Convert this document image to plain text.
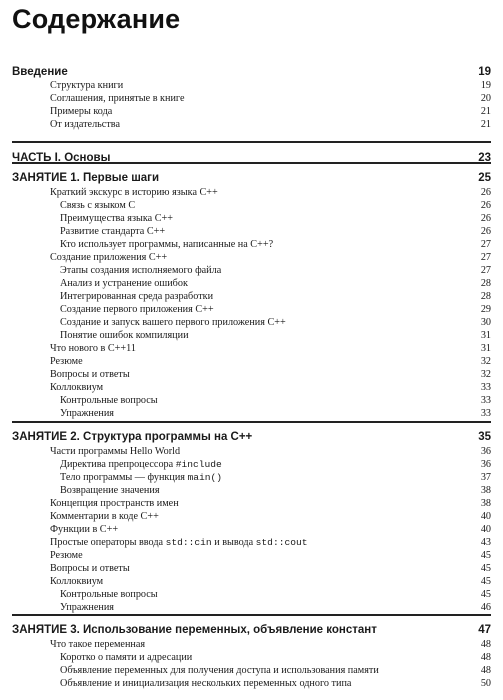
Содержание
Введение	19
Структура книги	19
Соглашения, принятые в книге	20
Примеры кода	21
От издательства	21
ЧАСТЬ I. Основы	23
ЗАНЯТИЕ 1. Первые шаги	25
Краткий экскурс в историю языка С++	26
Связь с языком С	26
Преимущества языка С++	26
Развитие стандарта С++	26
Кто использует программы, написанные на С++?	27
Создание приложения С++	27
Этапы создания исполняемого файла	27
Анализ и устранение ошибок	28
Интегрированная среда разработки	28
Создание первого приложения С++	29
Создание и запуск вашего первого приложения С++	30
Понятие ошибок компиляции	31
Что нового в С++11	31
Резюме	32
Вопросы и ответы	32
Коллоквиум	33
Контрольные вопросы	33
Упражнения	33
ЗАНЯТИЕ 2. Структура программы на С++	35
Части программы Hello World	36
Директива препроцессора #include	36
Тело программы — функция main()	37
Возвращение значения	38
Концепция пространств имен	38
Комментарии в коде С++	40
Функции в С++	40
Простые операторы ввода std::cin и вывода std::cout	43
Резюме	45
Вопросы и ответы	45
Коллоквиум	45
Контрольные вопросы	45
Упражнения	46
ЗАНЯТИЕ 3. Использование переменных, объявление констант	47
Что такое переменная	48
Коротко о памяти и адресации	48
Объявление переменных для получения доступа и использования памяти	48
Объявление и инициализация нескольких переменных одного типа	50
